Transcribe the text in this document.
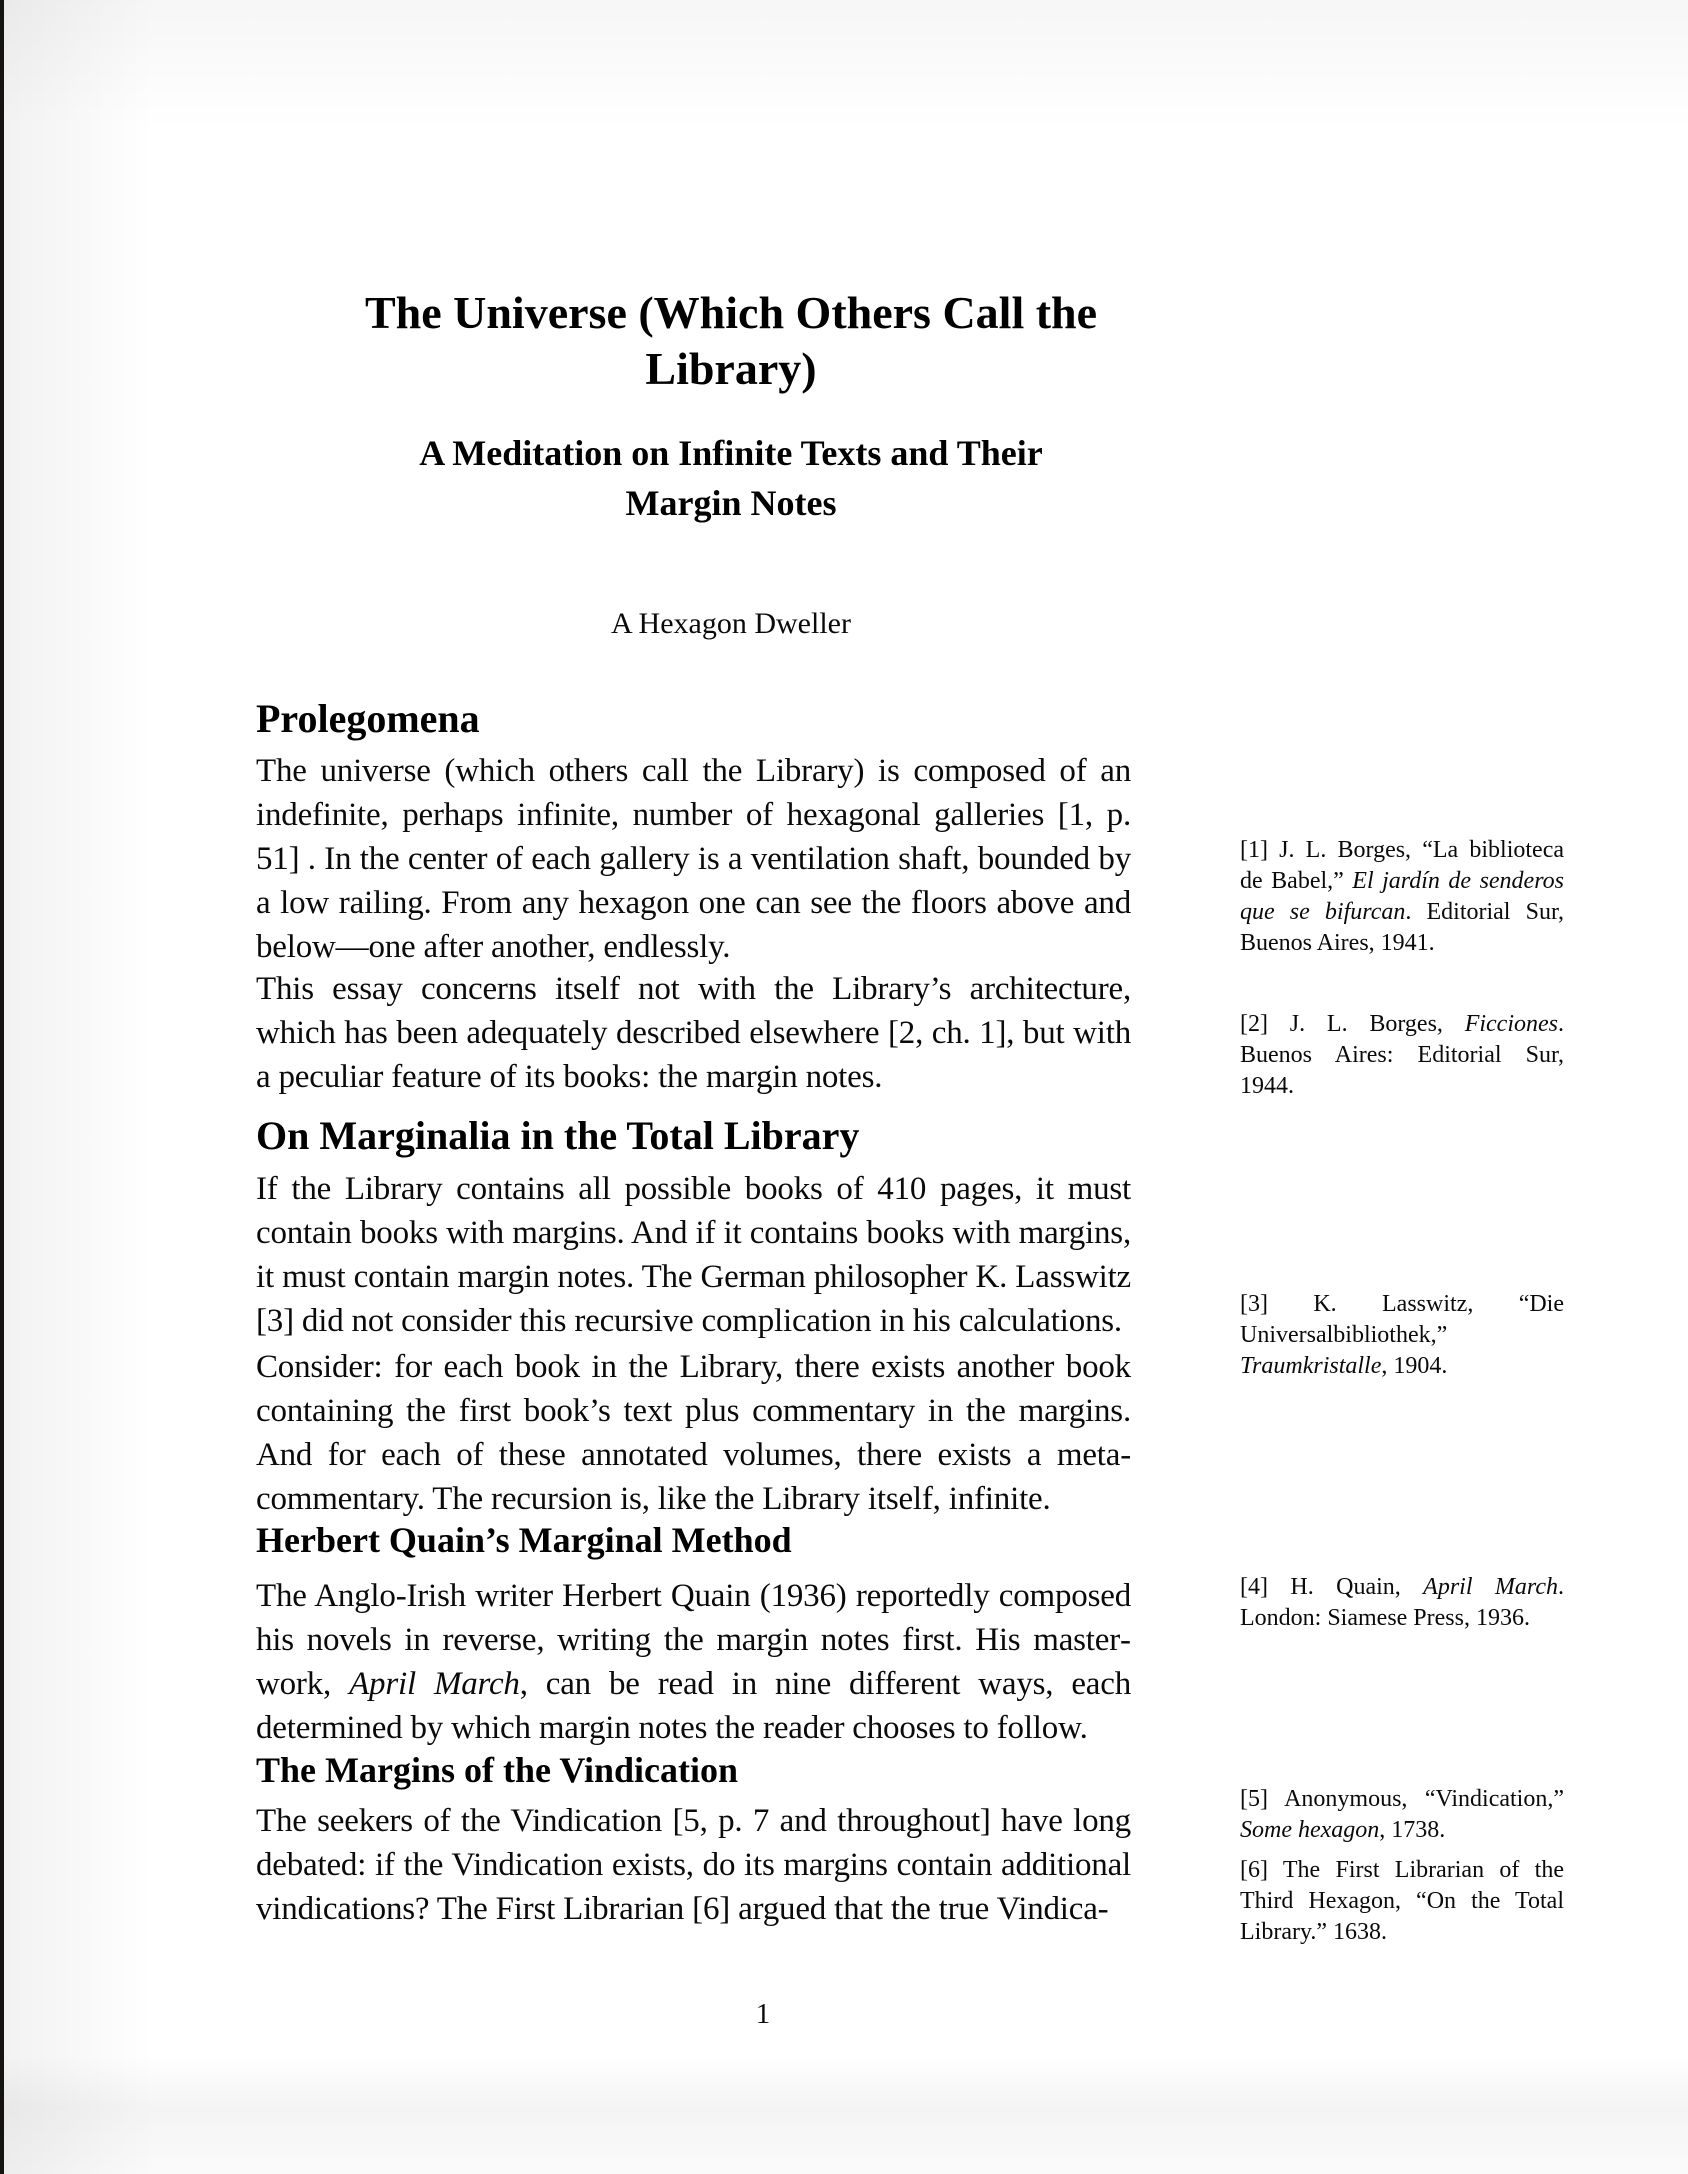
The Universe (Which Others Call the Library)
A Meditation on Infinite Texts and Their Margin Notes
A Hexagon Dweller
Prolegomena

The universe (which others call the Library) is composed of an indefinite, perhaps infinite, number of hexagonal galleries [1, p. 51] . In the center of each gallery is a ventilation shaft, bounded by a low railing. From any hexagon one can see the floors above and below—one after another, endlessly.

This essay concerns itself not with the Library’s architecture, which has been adequately described elsewhere [2, ch. 1], but with a peculiar feature of its books: the margin notes.

On Marginalia in the Total Library

If the Library contains all possible books of 410 pages, it must contain books with margins. And if it contains books with margins, it must contain margin notes. The German philosopher K. Lasswitz [3] did not consider this recursive complication in his calculations.

Consider: for each book in the Library, there exists another book containing the first book’s text plus commentary in the margins. And for each of these annotated volumes, there exists a meta-commentary. The recursion is, like the Library itself, infinite.

Herbert Quain’s Marginal Method

The Anglo-Irish writer Herbert Quain (1936) reportedly composed his novels in reverse, writing the margin notes first. His masterwork, April March, can be read in nine different ways, each determined by which margin notes the reader chooses to follow.

The Margins of the Vindication

The seekers of the Vindication [5, p. 7 and throughout] have long debated: if the Vindication exists, do its margins contain additional vindications? The First Librarian [6] argued that the true Vindica-

[1] J. L. Borges, “La biblioteca de Babel,” El jardín de senderos que se bifurcan. Editorial Sur, Buenos Aires, 1941.
[2] J. L. Borges, Ficciones. Buenos Aires: Editorial Sur, 1944.
[3] K. Lasswitz, “Die Universalbibliothek,” Traumkristalle, 1904.
[4] H. Quain, April March. London: Siamese Press, 1936.
[5] Anonymous, “Vindication,” Some hexagon, 1738.
[6] The First Librarian of the Third Hexagon, “On the Total Library.” 1638.
1
